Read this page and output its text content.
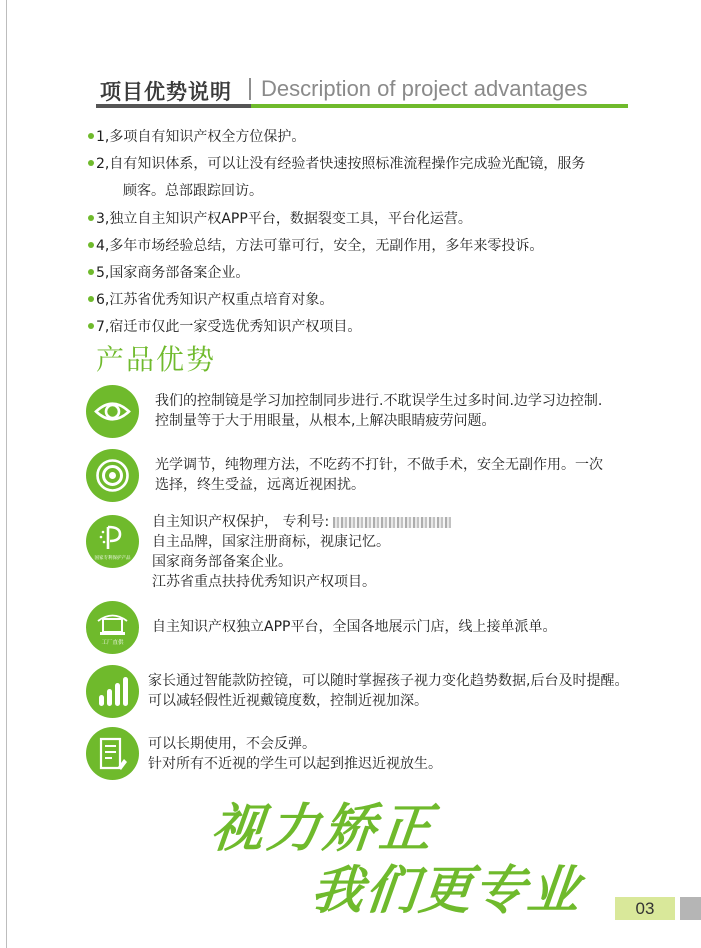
项目优势说明 Description of project advantages
1,多项自有知识产权全方位保护。
2,自有知识体系，可以让没有经验者快速按照标准流程操作完成验光配镜，服务
顾客。总部跟踪回访。
3,独立自主知识产权APP平台，数据裂变工具，平台化运营。
4,多年市场经验总结，方法可靠可行，安全，无副作用，多年来零投诉。
5,国家商务部备案企业。
6,江苏省优秀知识产权重点培育对象。
7,宿迁市仅此一家受选优秀知识产权项目。
产品优势
我们的控制镜是学习加控制同步进行.不耽误学生过多时间.边学习边控制.
控制量等于大于用眼量，从根本,上解决眼睛疲劳问题。
光学调节，纯物理方法，不吃药不打针，不做手术，安全无副作用。一次
选择，终生受益，远离近视困扰。
国家专利保护产品
自主知识产权保护， 专利号:
自主品牌，国家注册商标，视康记忆。
国家商务部备案企业。
江苏省重点扶持优秀知识产权项目。
工厂直供
自主知识产权独立APP平台，全国各地展示门店，线上接单派单。
家长通过智能款防控镜，可以随时掌握孩子视力变化趋势数据,后台及时提醒。
可以减轻假性近视戴镜度数，控制近视加深。
可以长期使用，不会反弹。
针对所有不近视的学生可以起到推迟近视放生。
视力矫正
我们更专业	03
